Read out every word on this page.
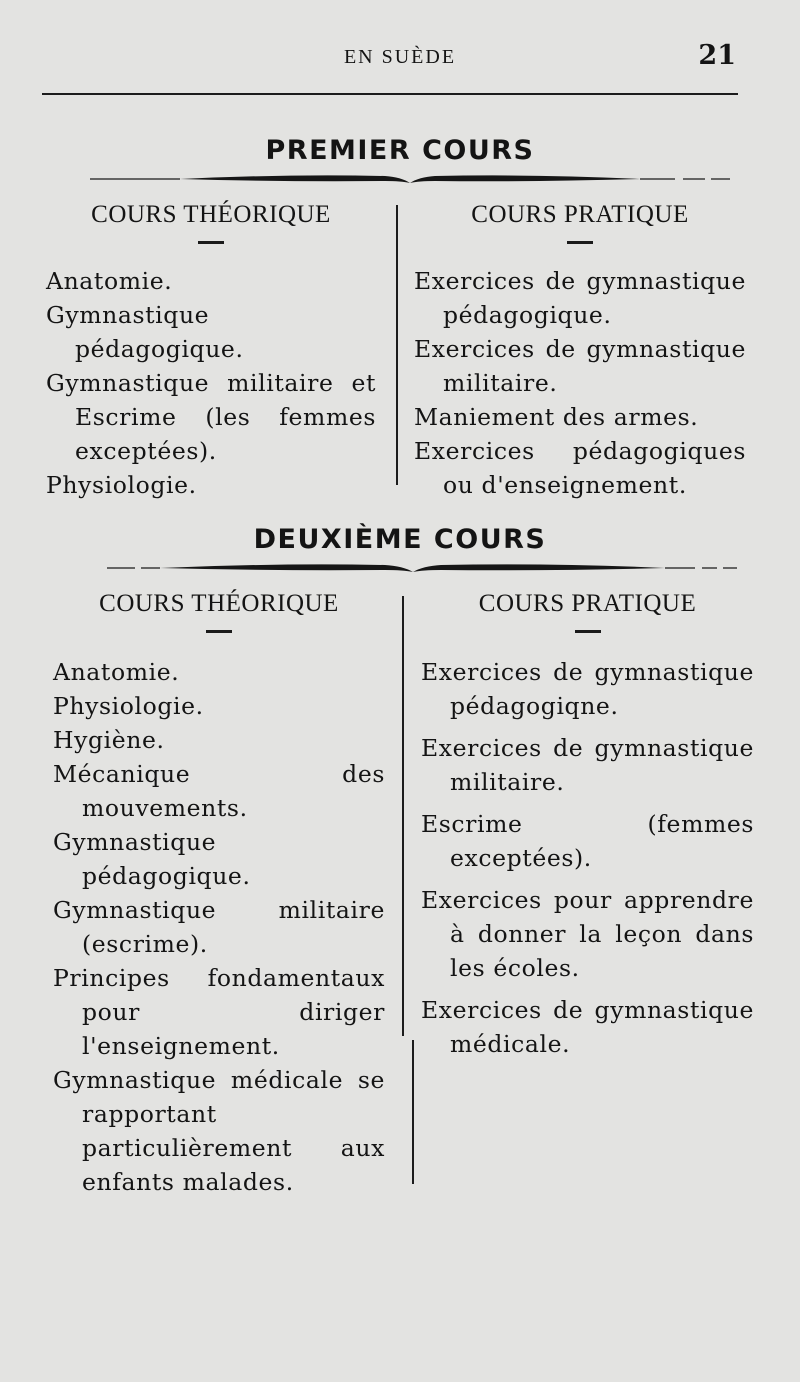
EN SUÈDE	21
PREMIER COURS
COURS THÉORIQUE
Anatomie.
Gymnastique pédagogique.
Gymnastique militaire et Escrime (les femmes exceptées).
Physiologie.
COURS PRATIQUE
Exercices de gymnastique pédagogique.
Exercices de gymnastique militaire.
Maniement des armes.
Exercices pédagogiques ou d'enseignement.
DEUXIÈME COURS
COURS THÉORIQUE
Anatomie.
Physiologie.
Hygiène.
Mécanique des mouvements.
Gymnastique pédagogique.
Gymnastique militaire (escrime).
Principes fondamentaux pour diriger l'enseignement.
Gymnastique médicale se rapportant particulièrement aux enfants malades.
COURS PRATIQUE
Exercices de gymnastique pédagogiqne.
Exercices de gymnastique militaire.
Escrime (femmes exceptées).
Exercices pour apprendre à donner la leçon dans les écoles.
Exercices de gymnastique médicale.
